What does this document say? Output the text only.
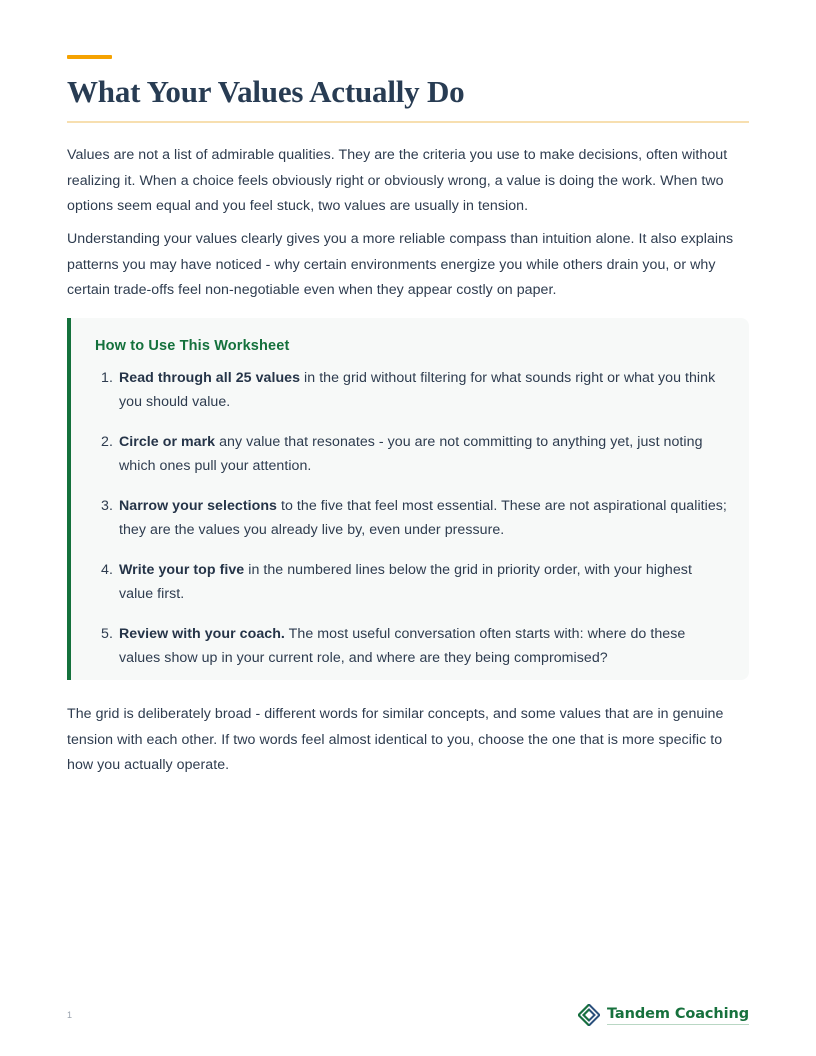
What Your Values Actually Do

Values are not a list of admirable qualities. They are the criteria you use to make decisions, often without realizing it. When a choice feels obviously right or obviously wrong, a value is doing the work. When two options seem equal and you feel stuck, two values are usually in tension.

Understanding your values clearly gives you a more reliable compass than intuition alone. It also explains patterns you may have noticed - why certain environments energize you while others drain you, or why certain trade-offs feel non-negotiable even when they appear costly on paper.

How to Use This Worksheet
Read through all 25 values in the grid without filtering for what sounds right or what you think you should value.
Circle or mark any value that resonates - you are not committing to anything yet, just noting which ones pull your attention.
Narrow your selections to the five that feel most essential. These are not aspirational qualities; they are the values you already live by, even under pressure.
Write your top five in the numbered lines below the grid in priority order, with your highest value first.
Review with your coach. The most useful conversation often starts with: where do these values show up in your current role, and where are they being compromised?

The grid is deliberately broad - different words for similar concepts, and some values that are in genuine tension with each other. If two words feel almost identical to you, choose the one that is more specific to how you actually operate.

1	Tandem Coaching
